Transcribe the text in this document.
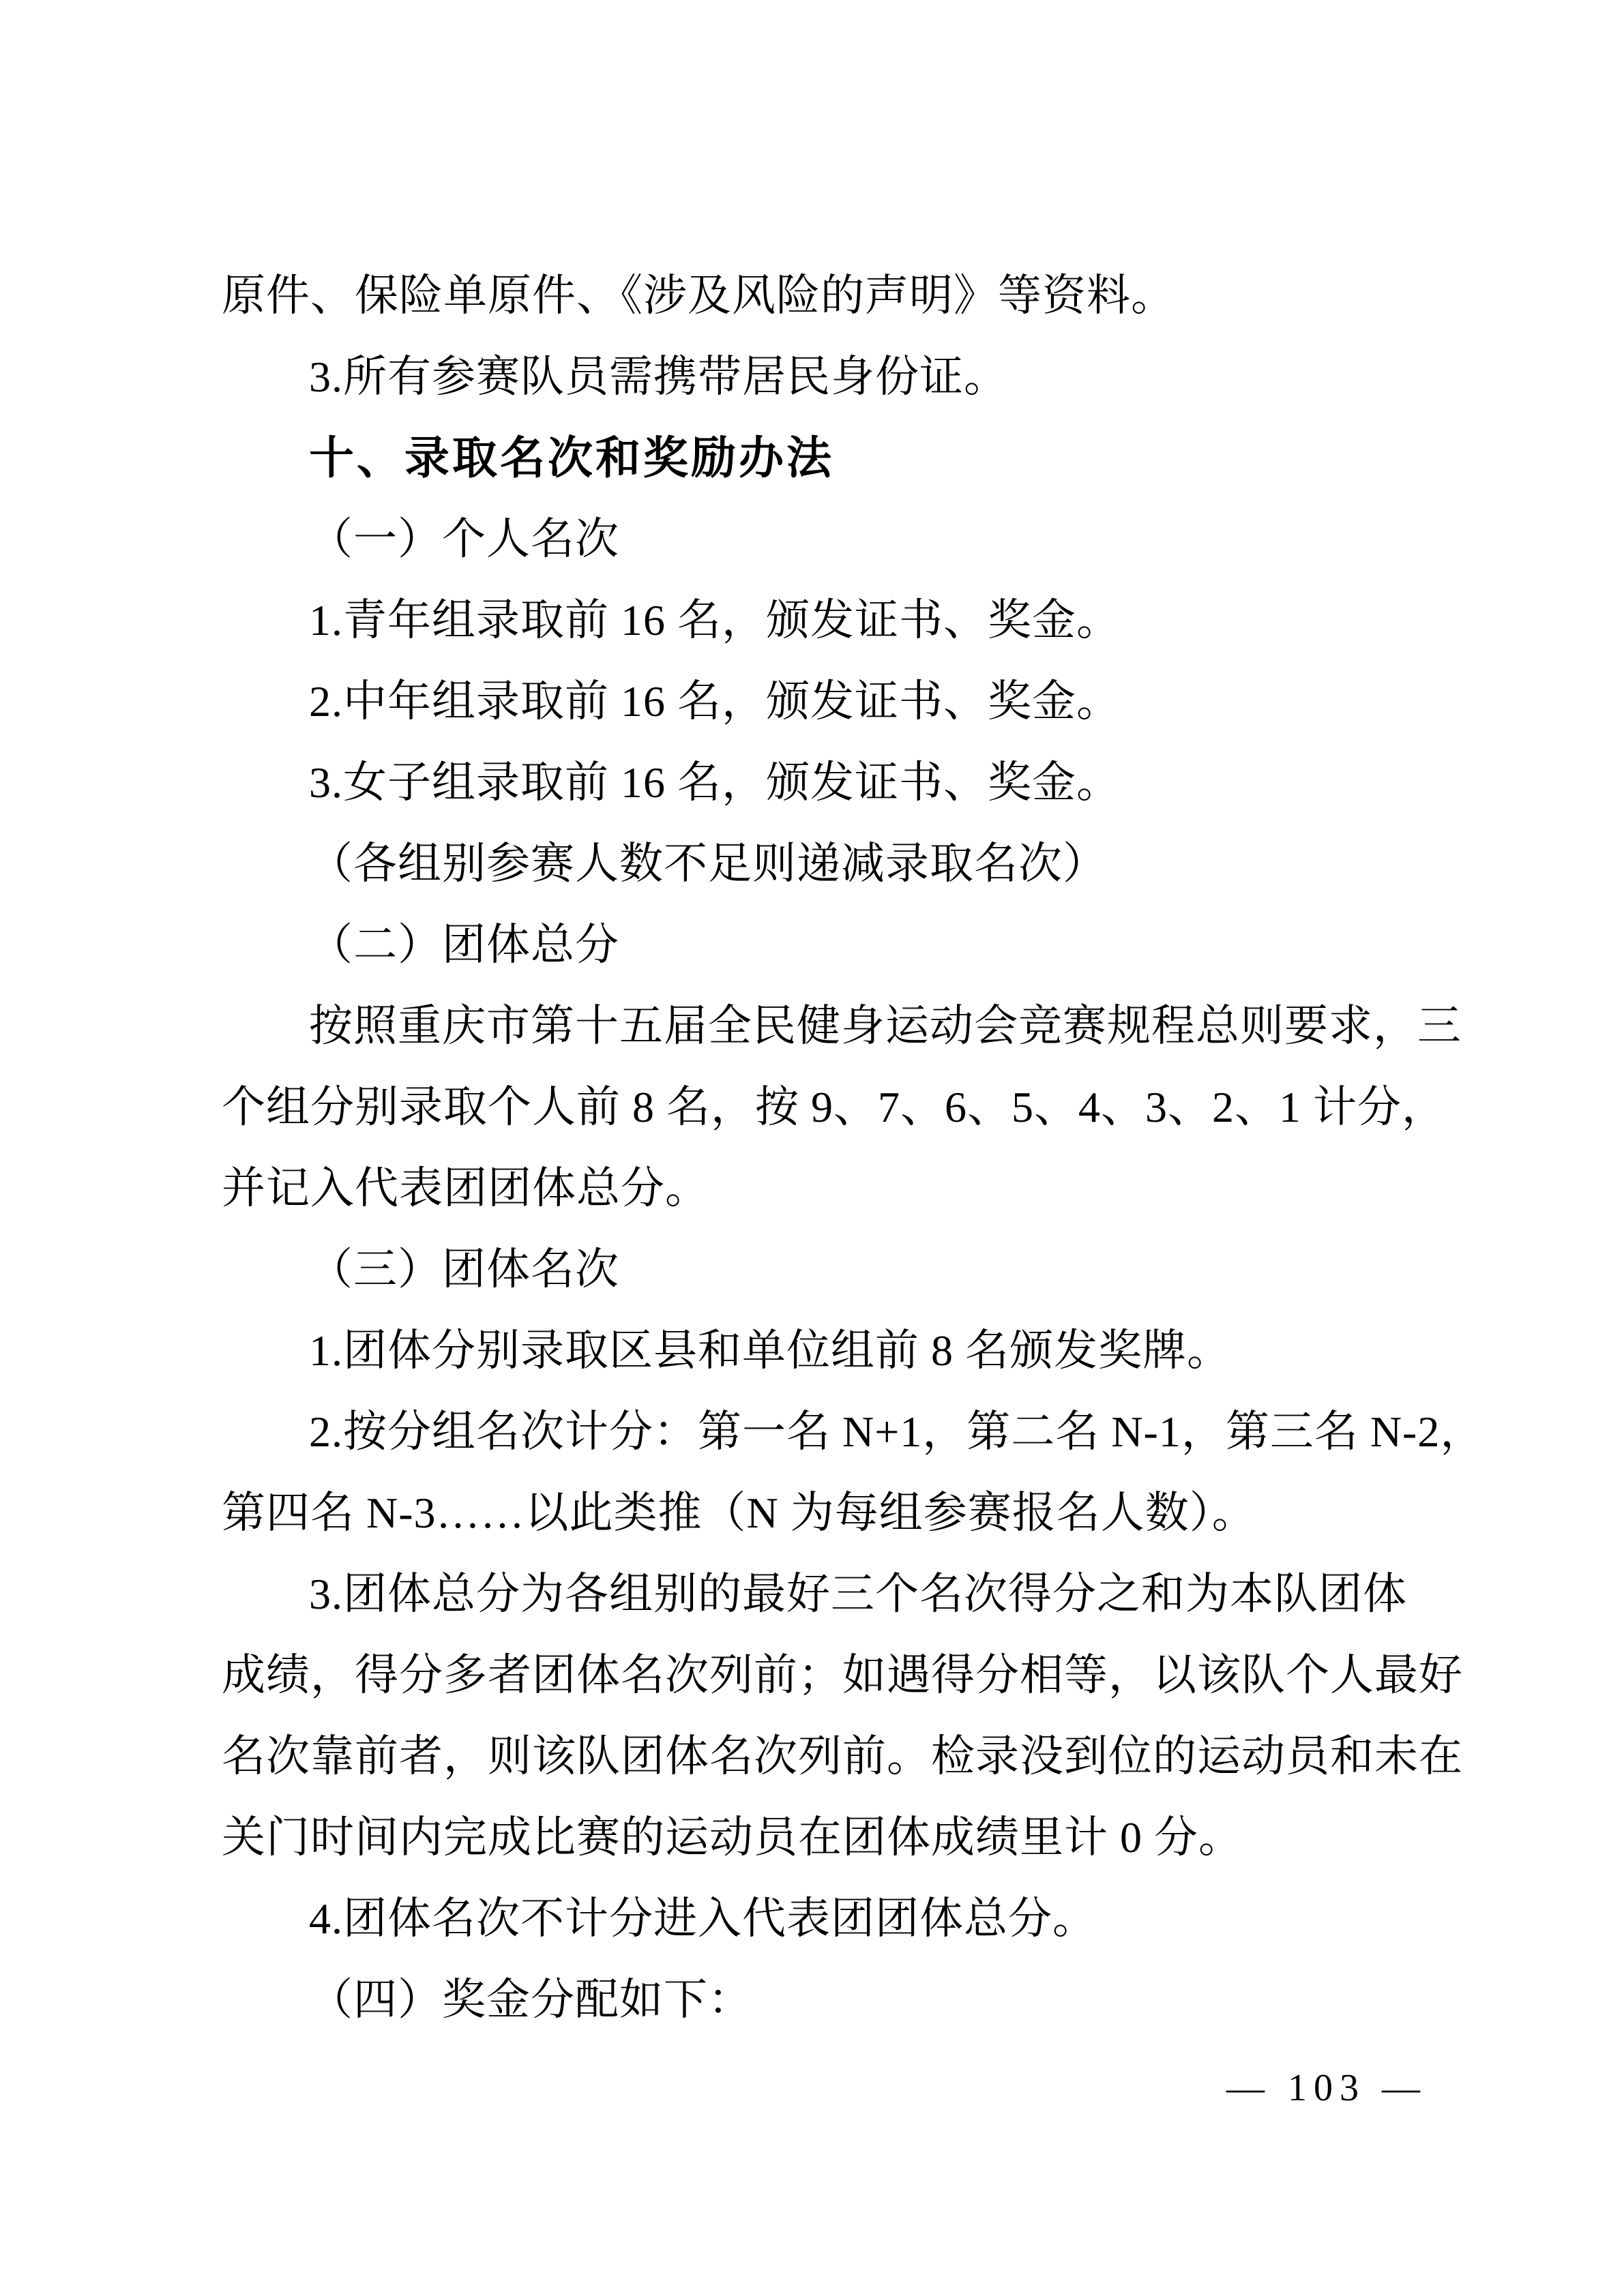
原件、保险单原件、《涉及风险的声明》等资料。
3.所有参赛队员需携带居民身份证。
十、录取名次和奖励办法
（一）个人名次
1.青年组录取前 16 名，颁发证书、奖金。
2.中年组录取前 16 名，颁发证书、奖金。
3.女子组录取前 16 名，颁发证书、奖金。
（各组别参赛人数不足则递减录取名次）
（二）团体总分
按照重庆市第十五届全民健身运动会竞赛规程总则要求，三
个组分别录取个人前 8 名，按 9、7、6、5、4、3、2、1 计分，
并记入代表团团体总分。
（三）团体名次
1.团体分别录取区县和单位组前 8 名颁发奖牌。
2.按分组名次计分：第一名 N+1，第二名 N-1，第三名 N-2，
第四名 N-3……以此类推（N 为每组参赛报名人数）。
3.团体总分为各组别的最好三个名次得分之和为本队团体
成绩，得分多者团体名次列前；如遇得分相等，以该队个人最好
名次靠前者，则该队团体名次列前。检录没到位的运动员和未在
关门时间内完成比赛的运动员在团体成绩里计 0 分。
4.团体名次不计分进入代表团团体总分。
（四）奖金分配如下：
— 103 —
